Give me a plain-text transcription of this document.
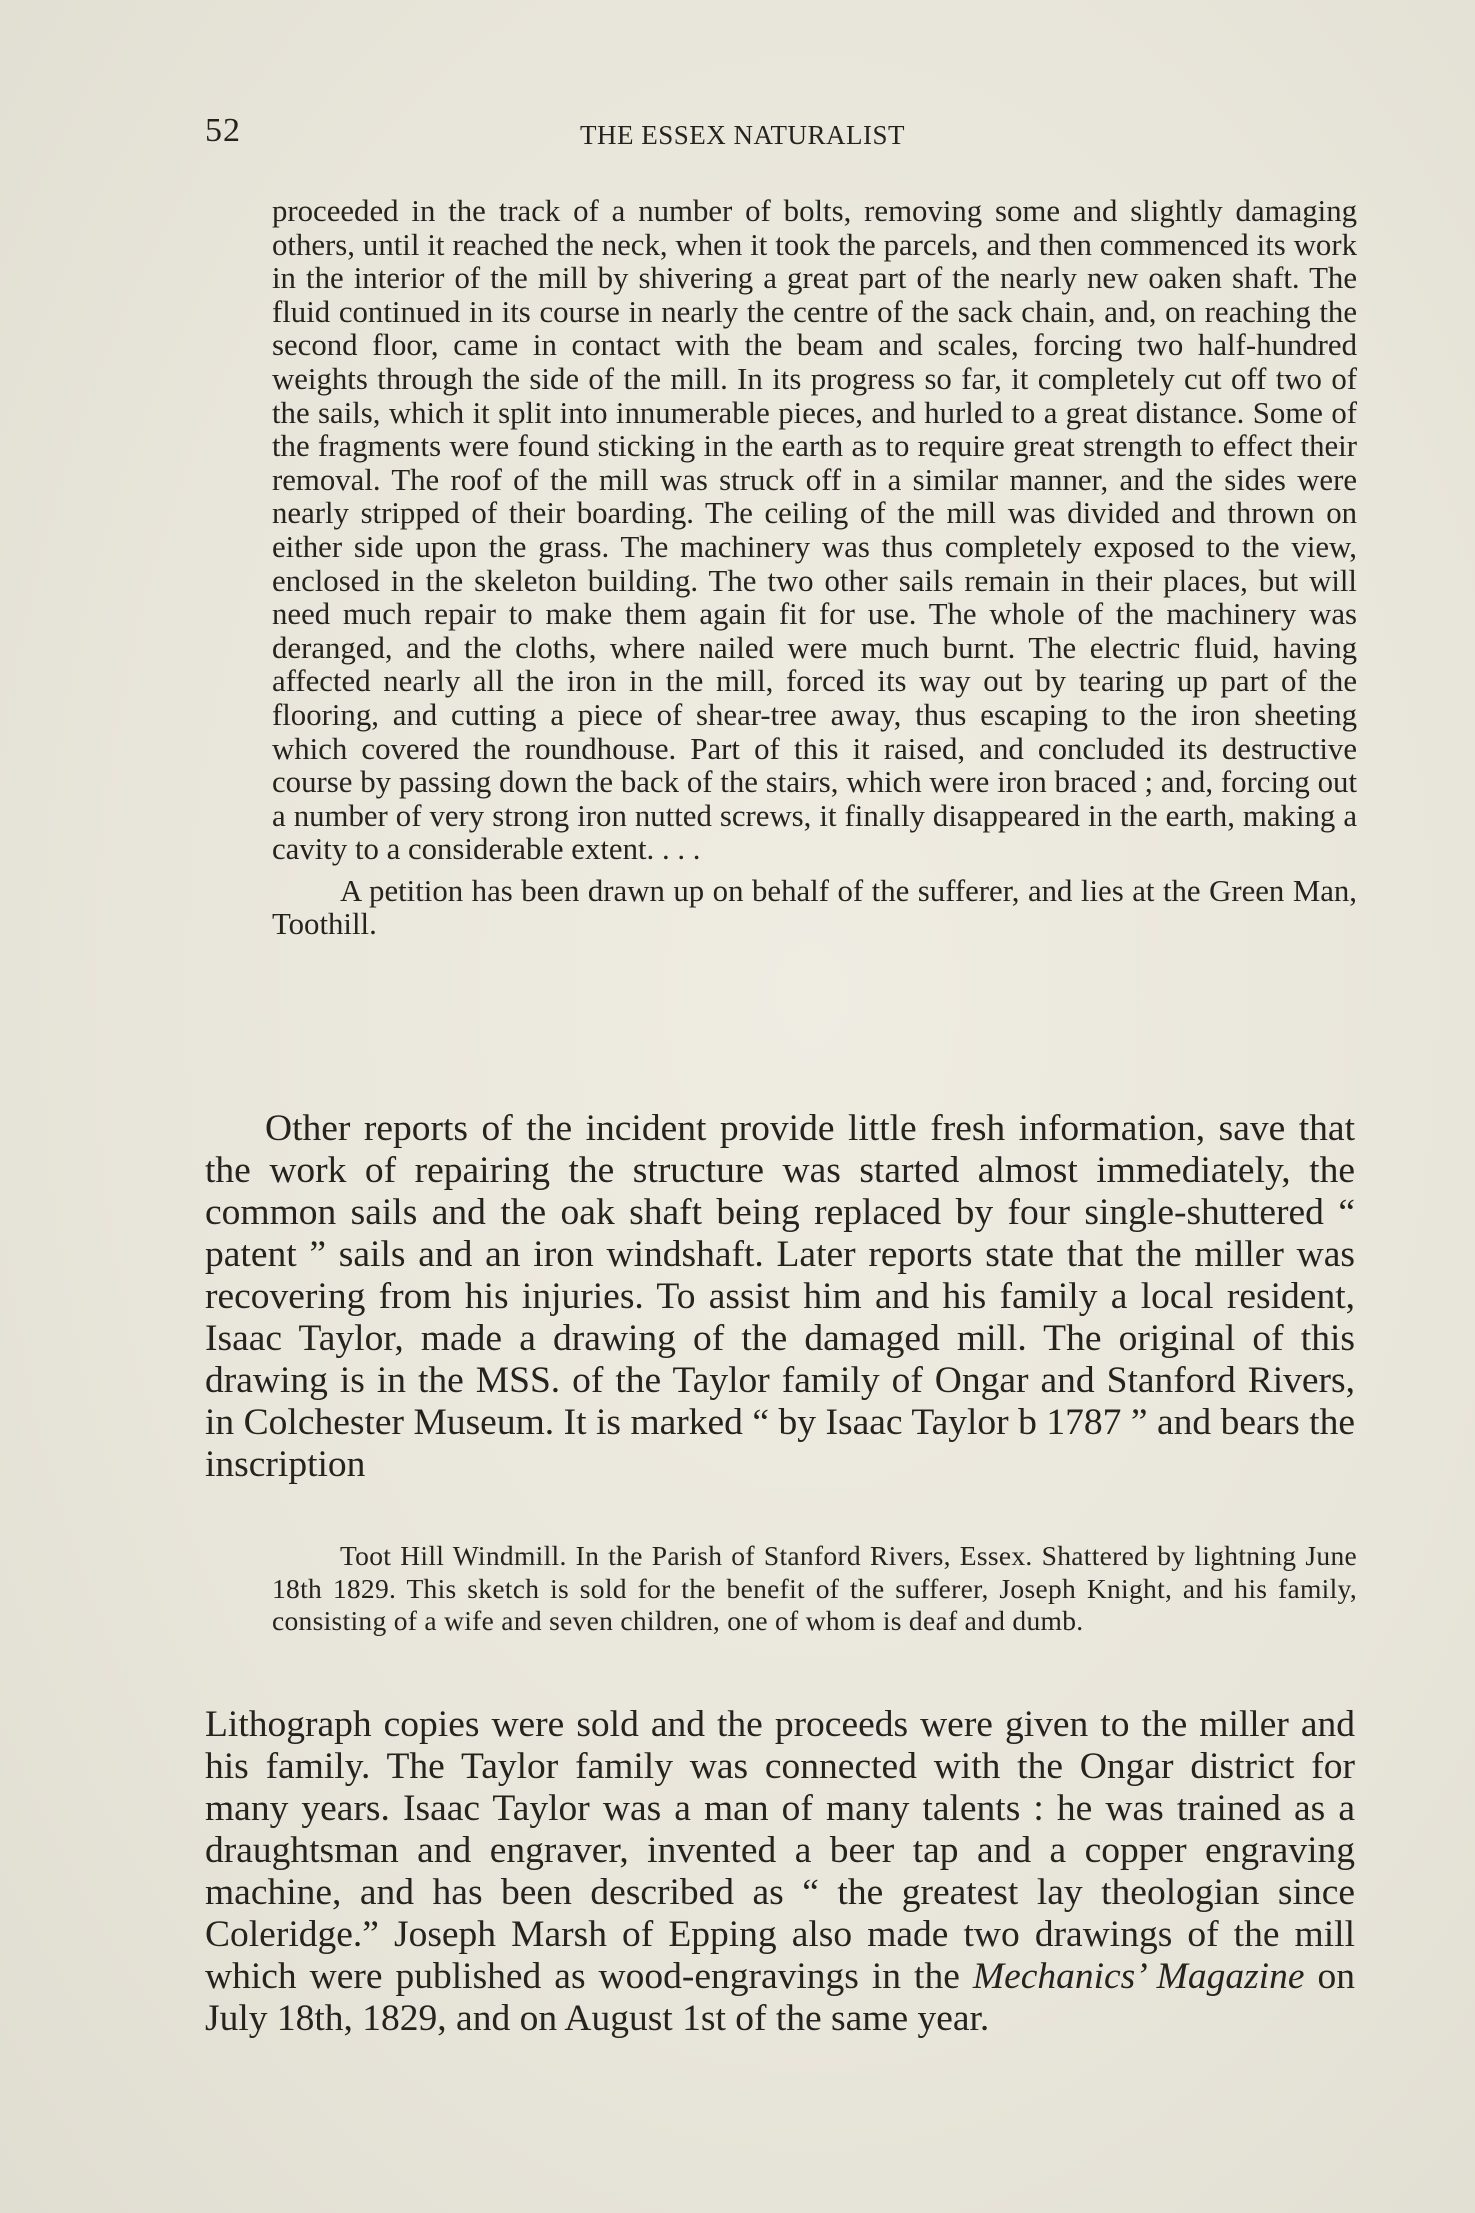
52	THE ESSEX NATURALIST

proceeded in the track of a number of bolts, removing some and slightly damaging others, until it reached the neck, when it took the parcels, and then commenced its work in the interior of the mill by shivering a great part of the nearly new oaken shaft. The fluid continued in its course in nearly the centre of the sack chain, and, on reaching the second floor, came in contact with the beam and scales, forcing two half-hundred weights through the side of the mill. In its progress so far, it completely cut off two of the sails, which it split into innumerable pieces, and hurled to a great distance. Some of the fragments were found sticking in the earth as to require great strength to effect their removal. The roof of the mill was struck off in a similar manner, and the sides were nearly stripped of their boarding. The ceiling of the mill was divided and thrown on either side upon the grass. The machinery was thus completely exposed to the view, enclosed in the skeleton building. The two other sails remain in their places, but will need much repair to make them again fit for use. The whole of the machinery was deranged, and the cloths, where nailed were much burnt. The electric fluid, having affected nearly all the iron in the mill, forced its way out by tearing up part of the flooring, and cutting a piece of shear-tree away, thus escaping to the iron sheeting which covered the roundhouse. Part of this it raised, and concluded its destructive course by passing down the back of the stairs, which were iron braced ; and, forcing out a number of very strong iron nutted screws, it finally disappeared in the earth, making a cavity to a considerable extent. . . .

A petition has been drawn up on behalf of the sufferer, and lies at the Green Man, Toothill.

Other reports of the incident provide little fresh information, save that the work of repairing the structure was started almost immediately, the common sails and the oak shaft being replaced by four single-shuttered “ patent ” sails and an iron windshaft. Later reports state that the miller was recovering from his injuries. To assist him and his family a local resident, Isaac Taylor, made a drawing of the damaged mill. The original of this drawing is in the MSS. of the Taylor family of Ongar and Stanford Rivers, in Colchester Museum. It is marked “ by Isaac Taylor b 1787 ” and bears the inscription

Toot Hill Windmill. In the Parish of Stanford Rivers, Essex. Shattered by lightning June 18th 1829. This sketch is sold for the benefit of the sufferer, Joseph Knight, and his family, consisting of a wife and seven children, one of whom is deaf and dumb.

Lithograph copies were sold and the proceeds were given to the miller and his family. The Taylor family was connected with the Ongar district for many years. Isaac Taylor was a man of many talents : he was trained as a draughtsman and engraver, invented a beer tap and a copper engraving machine, and has been described as “ the greatest lay theologian since Coleridge.” Joseph Marsh of Epping also made two drawings of the mill which were published as wood-engravings in the Mechanics’ Magazine on July 18th, 1829, and on August 1st of the same year.
